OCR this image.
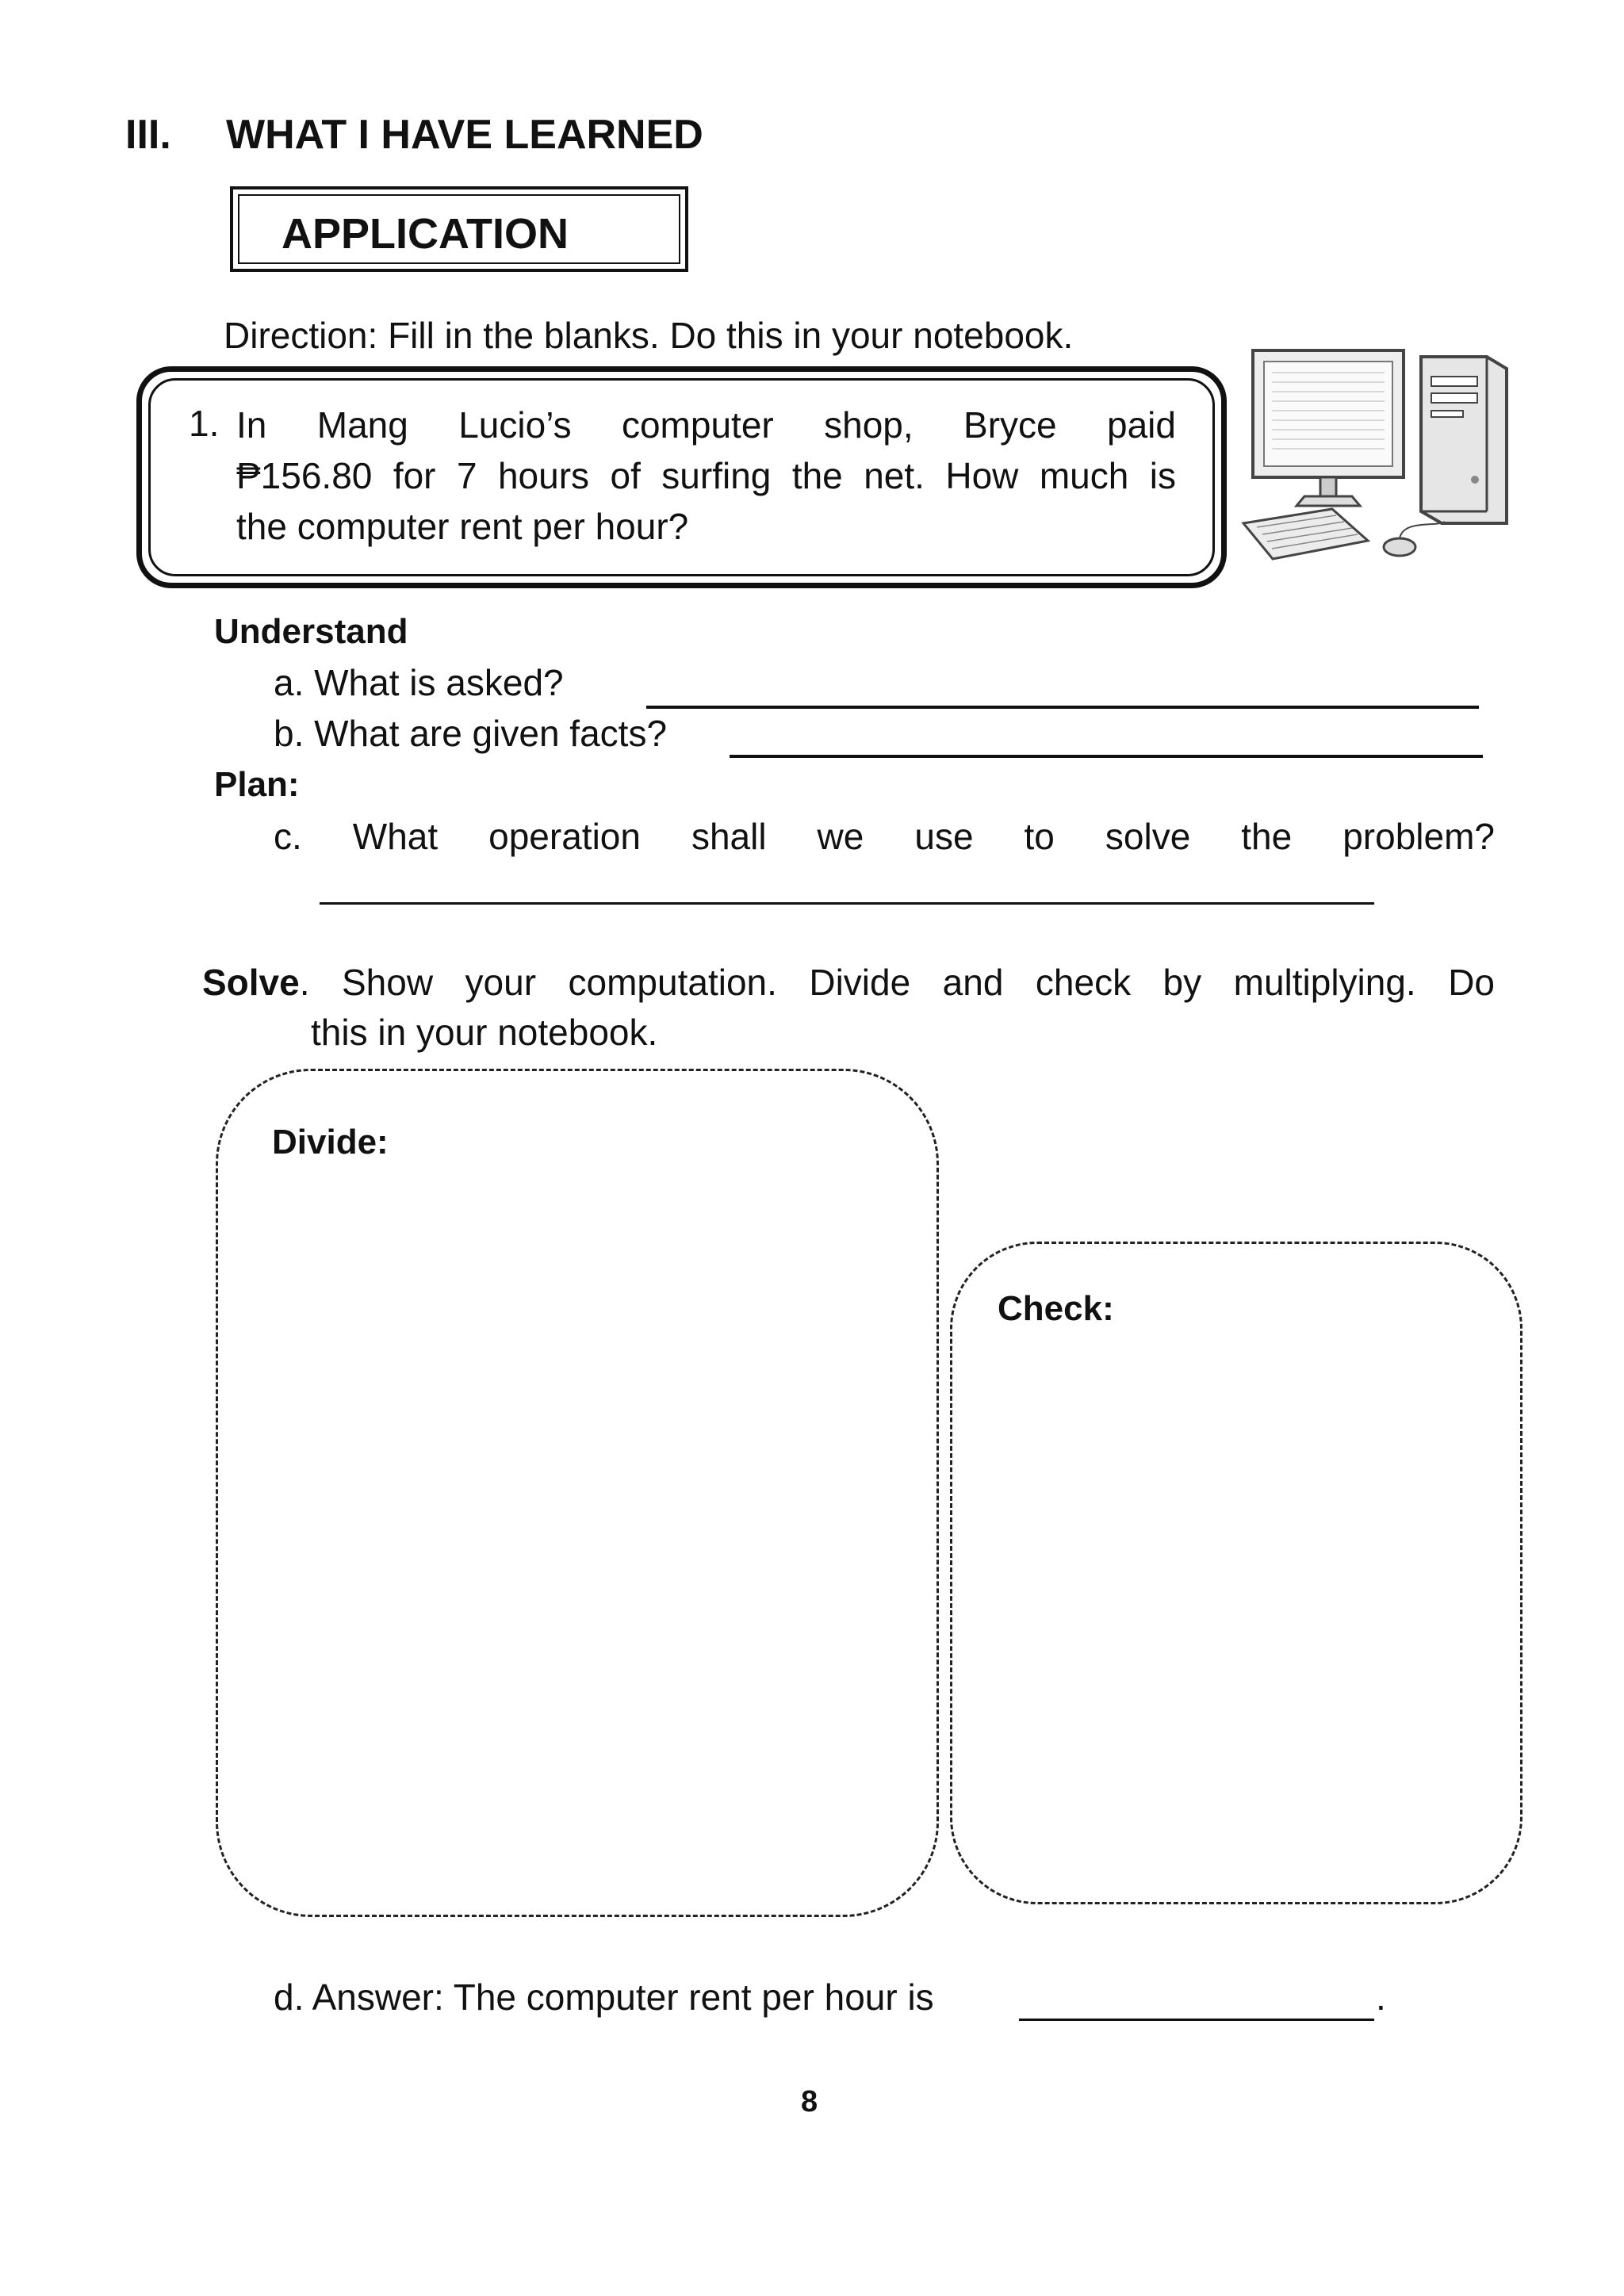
III. WHAT I HAVE LEARNED
APPLICATION
Direction: Fill in the blanks. Do this in your notebook.
1. In Mang Lucio’s computer shop, Bryce paid
₱156.80 for 7 hours of surfing the net. How much is
the computer rent per hour?
Understand
a. What is asked?
b. What are given facts?
Plan:
c. What operation shall we use to solve the problem?
Solve. Show your computation. Divide and check by multiplying. Do
this in your notebook.
Divide:
Check:
d. Answer: The computer rent per hour is	.
8
